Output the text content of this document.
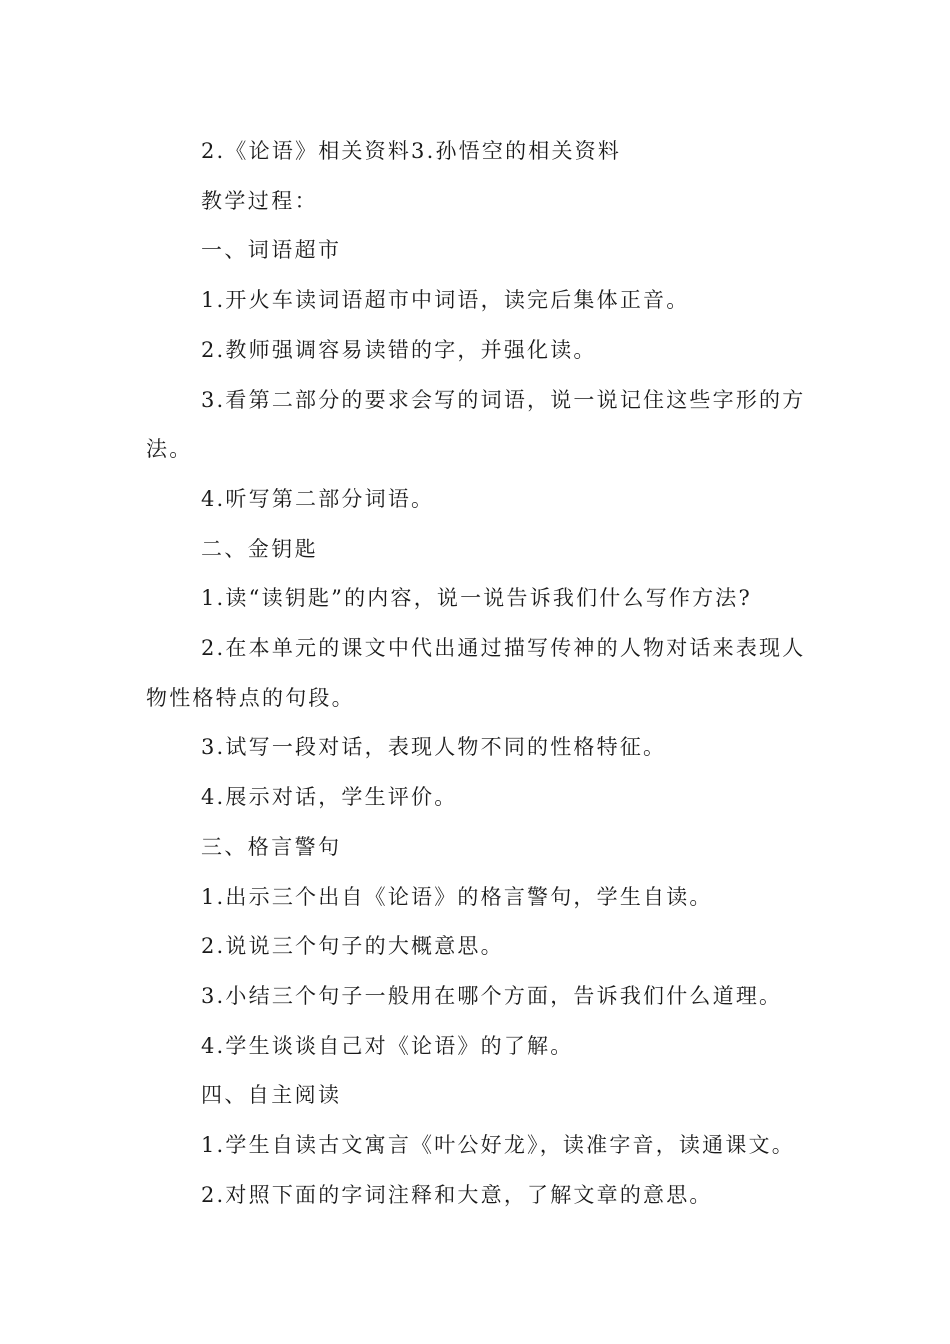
2.《论语》相关资料3.孙悟空的相关资料

教学过程：

一、词语超市

1.开火车读词语超市中词语，读完后集体正音。

2.教师强调容易读错的字，并强化读。

3.看第二部分的要求会写的词语，说一说记住这些字形的方法。

4.听写第二部分词语。

二、金钥匙

1.读“读钥匙”的内容，说一说告诉我们什么写作方法?

2.在本单元的课文中代出通过描写传神的人物对话来表现人物性格特点的句段。

3.试写一段对话，表现人物不同的性格特征。

4.展示对话，学生评价。

三、格言警句

1.出示三个出自《论语》的格言警句，学生自读。

2.说说三个句子的大概意思。

3.小结三个句子一般用在哪个方面，告诉我们什么道理。

4.学生谈谈自己对《论语》的了解。

四、自主阅读

1.学生自读古文寓言《叶公好龙》，读准字音，读通课文。

2.对照下面的字词注释和大意，了解文章的意思。
